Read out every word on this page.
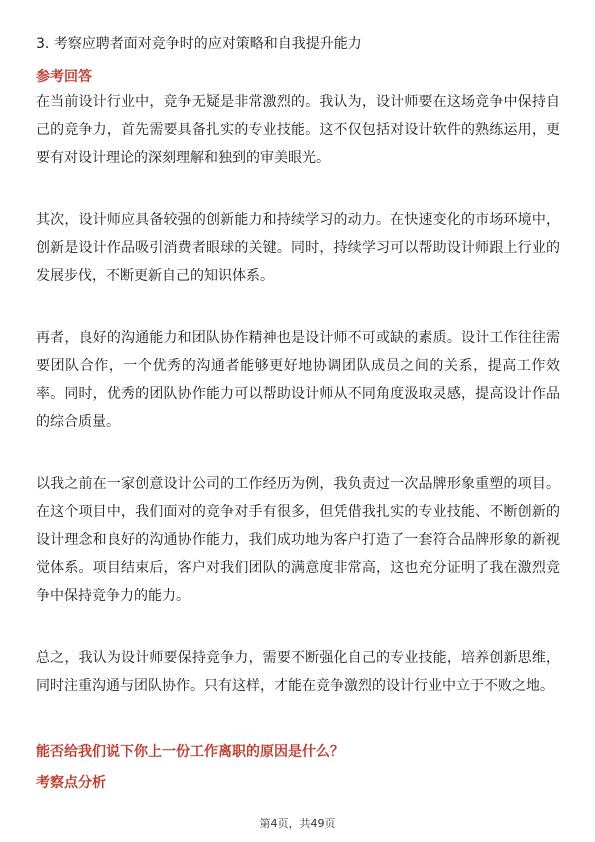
3. 考察应聘者面对竞争时的应对策略和自我提升能力
参考回答

在当前设计行业中，竞争无疑是非常激烈的。我认为，设计师要在这场竞争中保持自己的竞争力，首先需要具备扎实的专业技能。这不仅包括对设计软件的熟练运用，更要有对设计理论的深刻理解和独到的审美眼光。

其次，设计师应具备较强的创新能力和持续学习的动力。在快速变化的市场环境中，创新是设计作品吸引消费者眼球的关键。同时，持续学习可以帮助设计师跟上行业的发展步伐，不断更新自己的知识体系。

再者，良好的沟通能力和团队协作精神也是设计师不可或缺的素质。设计工作往往需要团队合作，一个优秀的沟通者能够更好地协调团队成员之间的关系，提高工作效率。同时，优秀的团队协作能力可以帮助设计师从不同角度汲取灵感，提高设计作品的综合质量。

以我之前在一家创意设计公司的工作经历为例，我负责过一次品牌形象重塑的项目。在这个项目中，我们面对的竞争对手有很多，但凭借我扎实的专业技能、不断创新的设计理念和良好的沟通协作能力，我们成功地为客户打造了一套符合品牌形象的新视觉体系。项目结束后，客户对我们团队的满意度非常高，这也充分证明了我在激烈竞争中保持竞争力的能力。

总之，我认为设计师要保持竞争力，需要不断强化自己的专业技能，培养创新思维，同时注重沟通与团队协作。只有这样，才能在竞争激烈的设计行业中立于不败之地。

能否给我们说下你上一份工作离职的原因是什么？
考察点分析
第4页，共49页
